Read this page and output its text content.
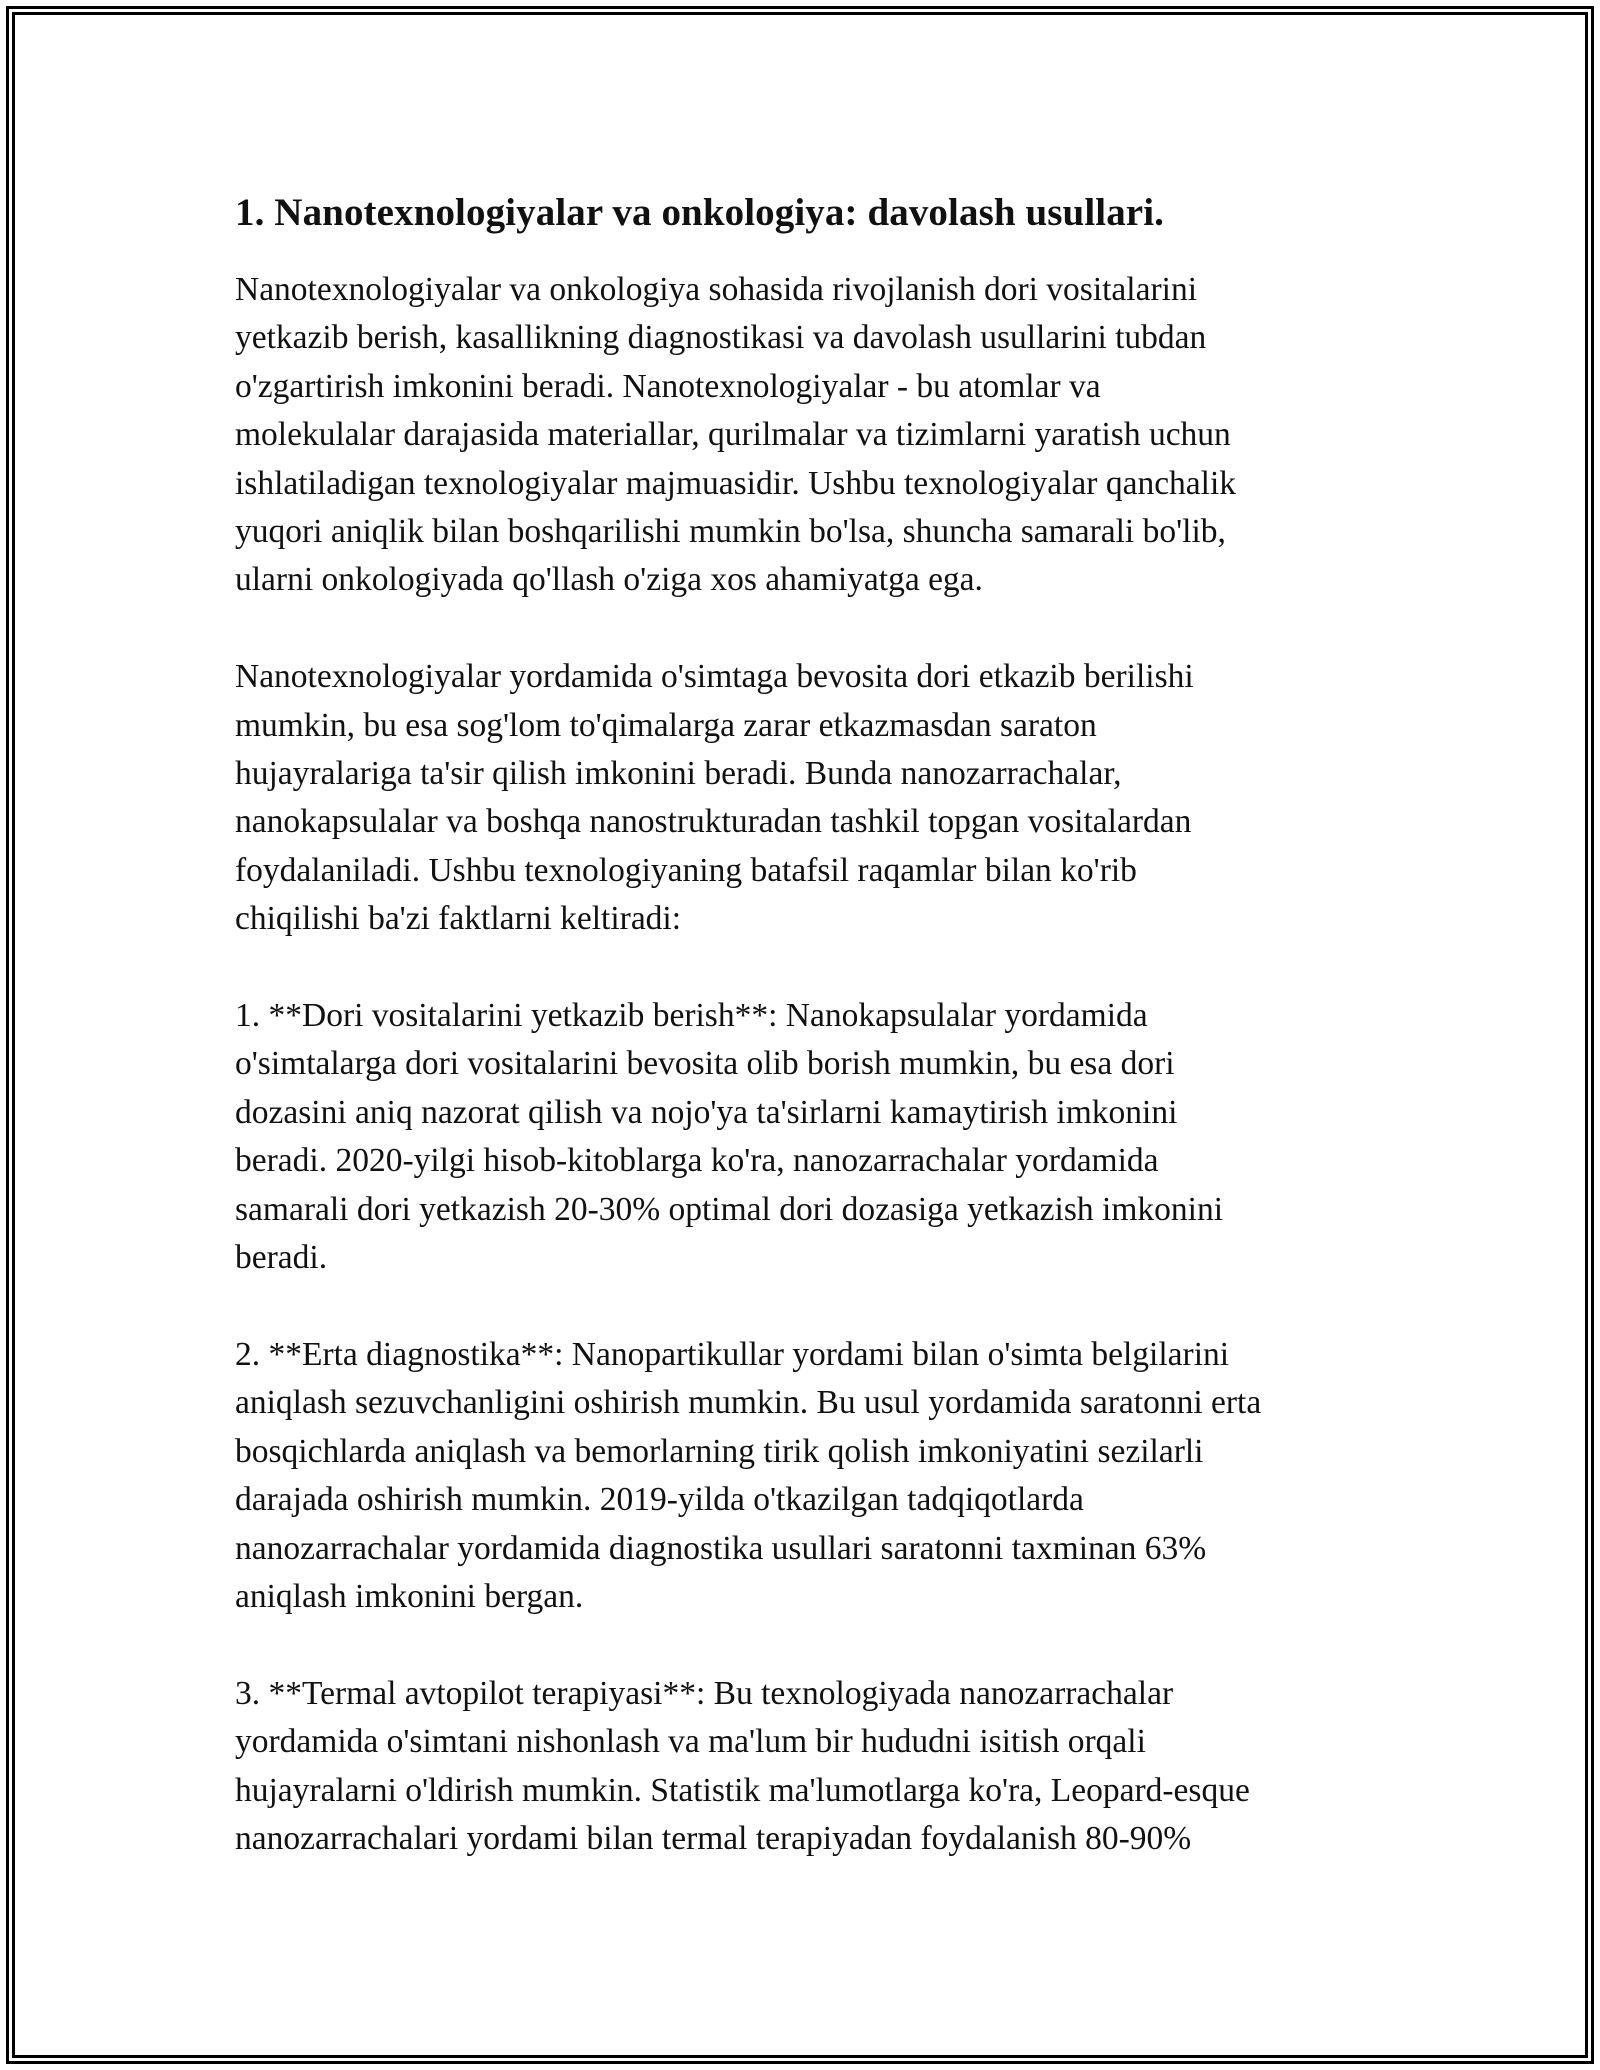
1. Nanotexnologiyalar va onkologiya: davolash usullari.

Nanotexnologiyalar va onkologiya sohasida rivojlanish dori vositalarini
yetkazib berish, kasallikning diagnostikasi va davolash usullarini tubdan
o'zgartirish imkonini beradi. Nanotexnologiyalar - bu atomlar va
molekulalar darajasida materiallar, qurilmalar va tizimlarni yaratish uchun
ishlatiladigan texnologiyalar majmuasidir. Ushbu texnologiyalar qanchalik
yuqori aniqlik bilan boshqarilishi mumkin bo'lsa, shuncha samarali bo'lib,
ularni onkologiyada qo'llash o'ziga xos ahamiyatga ega.

Nanotexnologiyalar yordamida o'simtaga bevosita dori etkazib berilishi
mumkin, bu esa sog'lom to'qimalarga zarar etkazmasdan saraton
hujayralariga ta'sir qilish imkonini beradi. Bunda nanozarrachalar,
nanokapsulalar va boshqa nanostrukturadan tashkil topgan vositalardan
foydalaniladi. Ushbu texnologiyaning batafsil raqamlar bilan ko'rib
chiqilishi ba'zi faktlarni keltiradi:

1. **Dori vositalarini yetkazib berish**: Nanokapsulalar yordamida
o'simtalarga dori vositalarini bevosita olib borish mumkin, bu esa dori
dozasini aniq nazorat qilish va nojo'ya ta'sirlarni kamaytirish imkonini
beradi. 2020-yilgi hisob-kitoblarga ko'ra, nanozarrachalar yordamida
samarali dori yetkazish 20-30% optimal dori dozasiga yetkazish imkonini
beradi.

2. **Erta diagnostika**: Nanopartikullar yordami bilan o'simta belgilarini
aniqlash sezuvchanligini oshirish mumkin. Bu usul yordamida saratonni erta
bosqichlarda aniqlash va bemorlarning tirik qolish imkoniyatini sezilarli
darajada oshirish mumkin. 2019-yilda o'tkazilgan tadqiqotlarda
nanozarrachalar yordamida diagnostika usullari saratonni taxminan 63%
aniqlash imkonini bergan.

3. **Termal avtopilot terapiyasi**: Bu texnologiyada nanozarrachalar
yordamida o'simtani nishonlash va ma'lum bir hududni isitish orqali
hujayralarni o'ldirish mumkin. Statistik ma'lumotlarga ko'ra, Leopard-esque
nanozarrachalari yordami bilan termal terapiyadan foydalanish 80-90%
